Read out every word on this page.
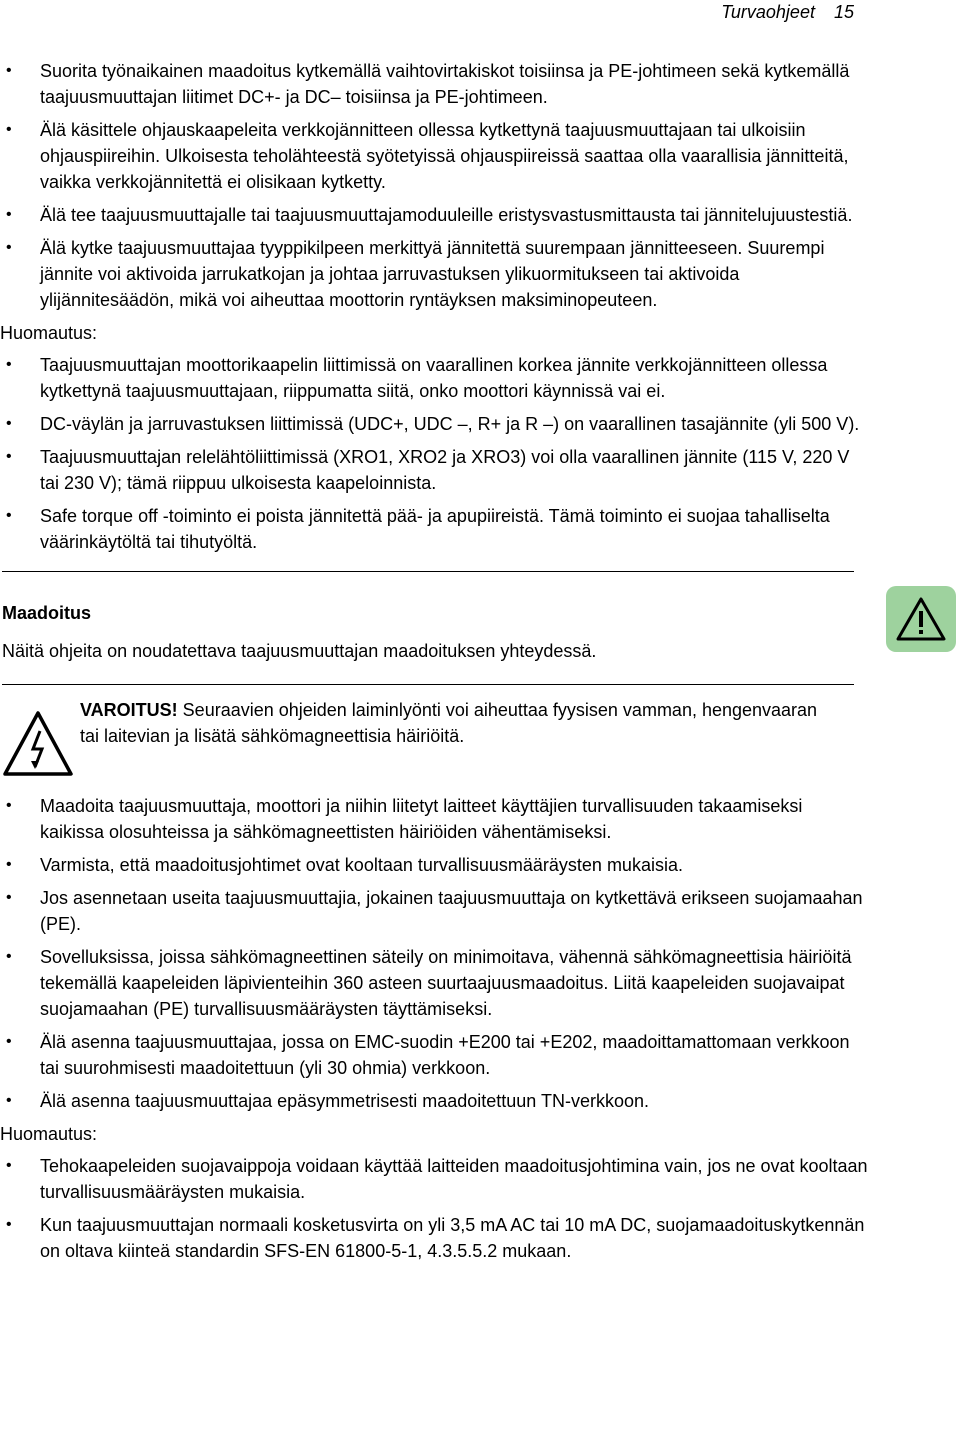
Turvaohjeet 15
• Suorita työnaikainen maadoitus kytkemällä vaihtovirtakiskot toisiinsa ja PE-johtimeen sekä kytkemällä taajuusmuuttajan liitimet DC+- ja DC– toisiinsa ja PE-johtimeen.
• Älä käsittele ohjauskaapeleita verkkojännitteen ollessa kytkettynä taajuusmuuttajaan tai ulkoisiin ohjauspiireihin. Ulkoisesta teholähteestä syötetyissä ohjauspiireissä saattaa olla vaarallisia jännitteitä, vaikka verkkojännitettä ei olisikaan kytketty.
• Älä tee taajuusmuuttajalle tai taajuusmuuttajamoduuleille eristysvastusmittausta tai jännitelujuustestiä.
• Älä kytke taajuusmuuttajaa tyyppikilpeen merkittyä jännitettä suurempaan jännitteeseen. Suurempi jännite voi aktivoida jarrukatkojan ja johtaa jarruvastuksen ylikuormitukseen tai aktivoida ylijännitesäädön, mikä voi aiheuttaa moottorin ryntäyksen maksiminopeuteen.
Huomautus:
• Taajuusmuuttajan moottorikaapelin liittimissä on vaarallinen korkea jännite verkkojännitteen ollessa kytkettynä taajuusmuuttajaan, riippumatta siitä, onko moottori käynnissä vai ei.
• DC-väylän ja jarruvastuksen liittimissä (UDC+, UDC –, R+ ja R –) on vaarallinen tasajännite (yli 500 V).
• Taajuusmuuttajan relelähtöliittimissä (XRO1, XRO2 ja XRO3) voi olla vaarallinen jännite (115 V, 220 V tai 230 V); tämä riippuu ulkoisesta kaapeloinnista.
• Safe torque off -toiminto ei poista jännitettä pää- ja apupiireistä. Tämä toiminto ei suojaa tahalliselta väärinkäytöltä tai tihutyöltä.
Maadoitus
Näitä ohjeita on noudatettava taajuusmuuttajan maadoituksen yhteydessä.
VAROITUS! Seuraavien ohjeiden laiminlyönti voi aiheuttaa fyysisen vamman, hengenvaaran tai laitevian ja lisätä sähkömagneettisia häiriöitä.
• Maadoita taajuusmuuttaja, moottori ja niihin liitetyt laitteet käyttäjien turvallisuuden takaamiseksi kaikissa olosuhteissa ja sähkömagneettisten häiriöiden vähentämiseksi.
• Varmista, että maadoitusjohtimet ovat kooltaan turvallisuusmääräysten mukaisia.
• Jos asennetaan useita taajuusmuuttajia, jokainen taajuusmuuttaja on kytkettävä erikseen suojamaahan (PE).
• Sovelluksissa, joissa sähkömagneettinen säteily on minimoitava, vähennä sähkömagneettisia häiriöitä tekemällä kaapeleiden läpivienteihin 360 asteen suurtaajuusmaadoitus. Liitä kaapeleiden suojavaipat suojamaahan (PE) turvallisuusmääräysten täyttämiseksi.
• Älä asenna taajuusmuuttajaa, jossa on EMC-suodin +E200 tai +E202, maadoittamattomaan verkkoon tai suurohmisesti maadoitettuun (yli 30 ohmia) verkkoon.
• Älä asenna taajuusmuuttajaa epäsymmetrisesti maadoitettuun TN-verkkoon.
Huomautus:
• Tehokaapeleiden suojavaippoja voidaan käyttää laitteiden maadoitusjohtimina vain, jos ne ovat kooltaan turvallisuusmääräysten mukaisia.
• Kun taajuusmuuttajan normaali kosketusvirta on yli 3,5 mA AC tai 10 mA DC, suojamaadoituskytkennän on oltava kiinteä standardin SFS-EN 61800-5-1, 4.3.5.5.2 mukaan.
